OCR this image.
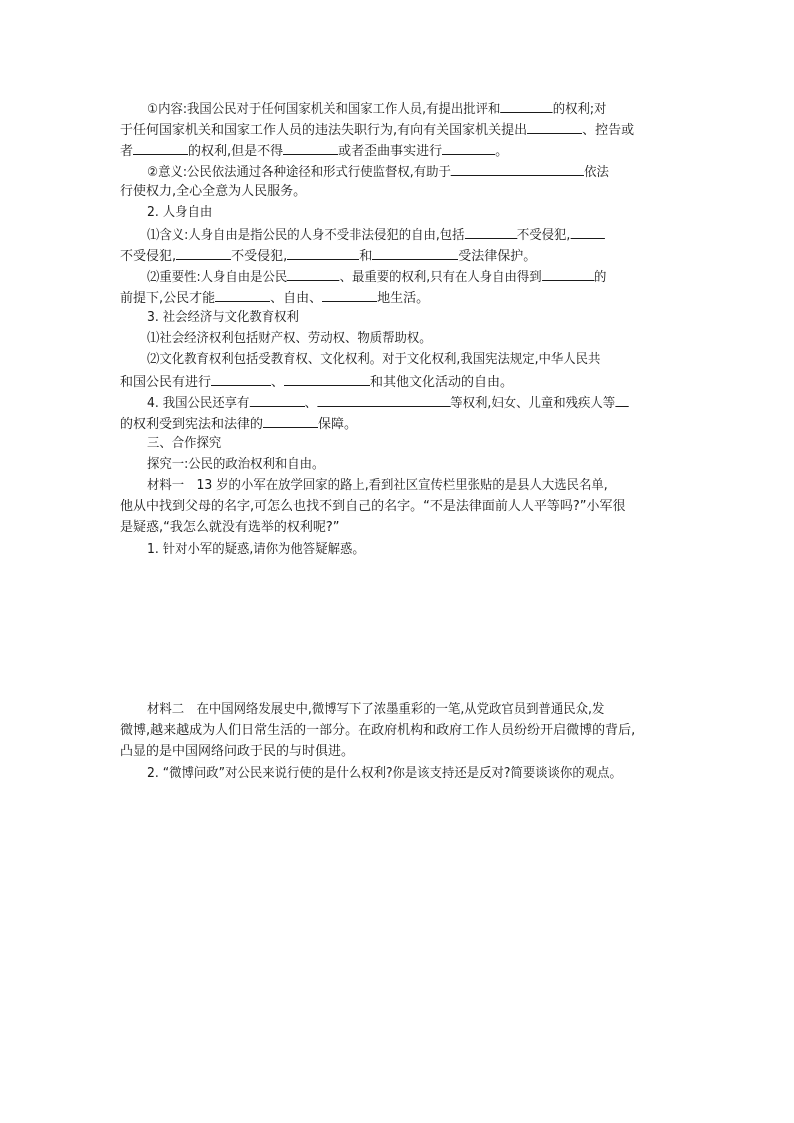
①内容:我国公民对于任何国家机关和国家工作人员,有提出批评和	的权利;对
于任何国家机关和国家工作人员的违法失职行为,有向有关国家机关提出	、控告或
者	的权利,但是不得	或者歪曲事实进行	。
②意义:公民依法通过各种途径和形式行使监督权,有助于	依法
行使权力,全心全意为人民服务。
2. 人身自由
⑴含义:人身自由是指公民的人身不受非法侵犯的自由,包括	不受侵犯,
不受侵犯,	不受侵犯,	和	受法律保护。
⑵重要性:人身自由是公民	、最重要的权利,只有在人身自由得到	的
前提下,公民才能	、自由、	地生活。
3. 社会经济与文化教育权利
⑴社会经济权利包括财产权、劳动权、物质帮助权。
⑵文化教育权利包括受教育权、文化权利。对于文化权利,我国宪法规定,中华人民共
和国公民有进行	、	和其他文化活动的自由。
4. 我国公民还享有	、	等权利,妇女、儿童和残疾人等
的权利受到宪法和法律的	保障。
三、合作探究
探究一:公民的政治权利和自由。
材料一　13 岁的小军在放学回家的路上,看到社区宣传栏里张贴的是县人大选民名单,
他从中找到父母的名字,可怎么也找不到自己的名字。“不是法律面前人人平等吗?”小军很
是疑惑,“我怎么就没有选举的权利呢?”
1. 针对小军的疑惑,请你为他答疑解惑。
材料二　在中国网络发展史中,微博写下了浓墨重彩的一笔,从党政官员到普通民众,发
微博,越来越成为人们日常生活的一部分。在政府机构和政府工作人员纷纷开启微博的背后,
凸显的是中国网络问政于民的与时俱进。
2. “微博问政”对公民来说行使的是什么权利?你是该支持还是反对?简要谈谈你的观点。
